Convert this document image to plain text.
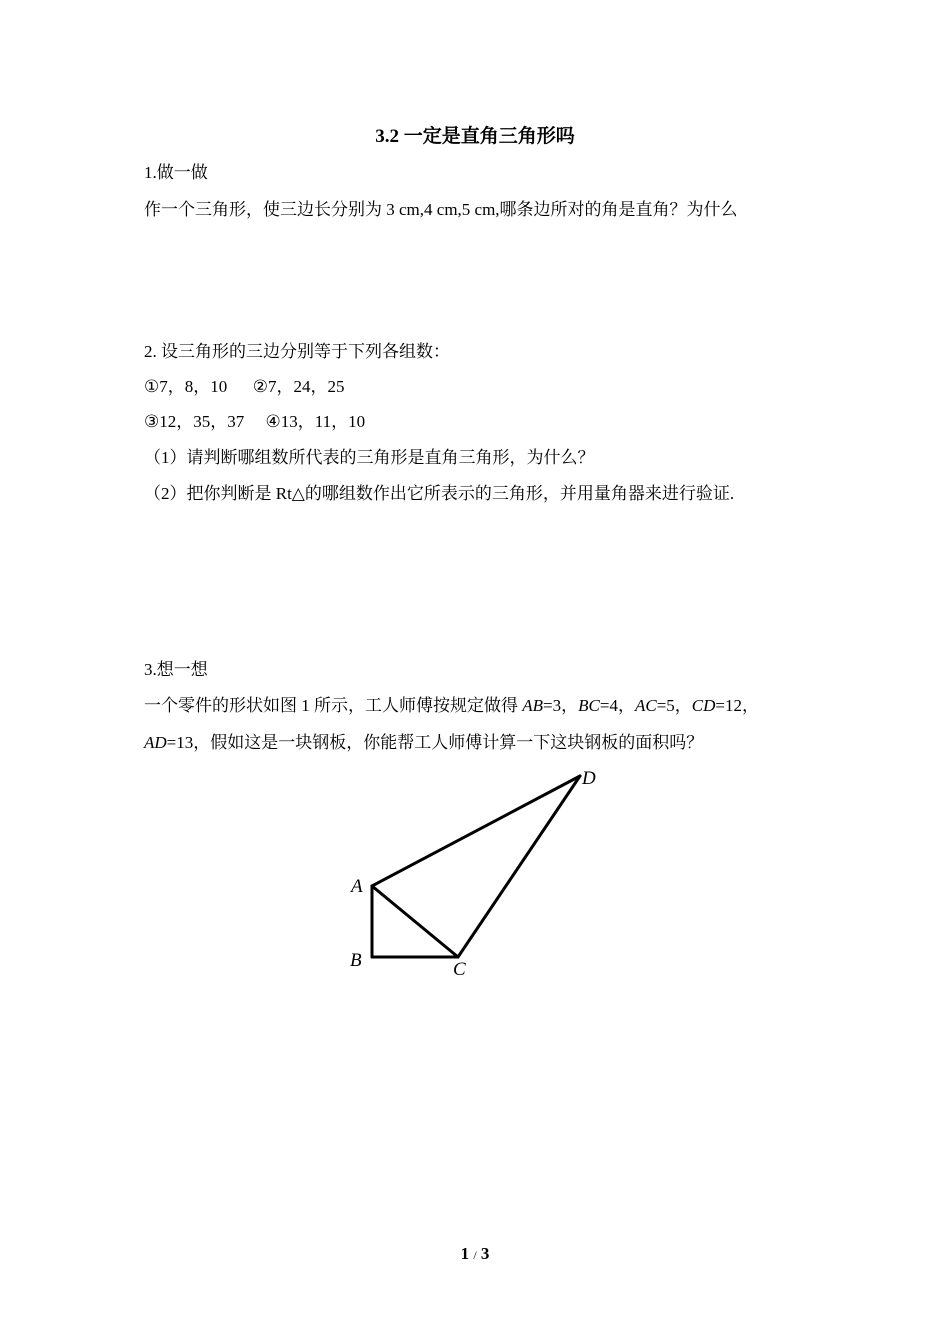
3.2 一定是直角三角形吗
1.做一做
作一个三角形，使三边长分别为 3 cm,4 cm,5 cm,哪条边所对的角是直角？为什么
2. 设三角形的三边分别等于下列各组数：
①7，8，10 　 ②7，24，25
③12，35，37 　④13，11，10
（1）请判断哪组数所代表的三角形是直角三角形，为什么？
（2）把你判断是 Rt△的哪组数作出它所表示的三角形，并用量角器来进行验证.
3.想一想
一个零件的形状如图 1 所示，工人师傅按规定做得 AB=3，BC=4，AC=5，CD=12，
AD=13，假如这是一块钢板，你能帮工人师傅计算一下这块钢板的面积吗？
A
B	C
D
1 / 3
